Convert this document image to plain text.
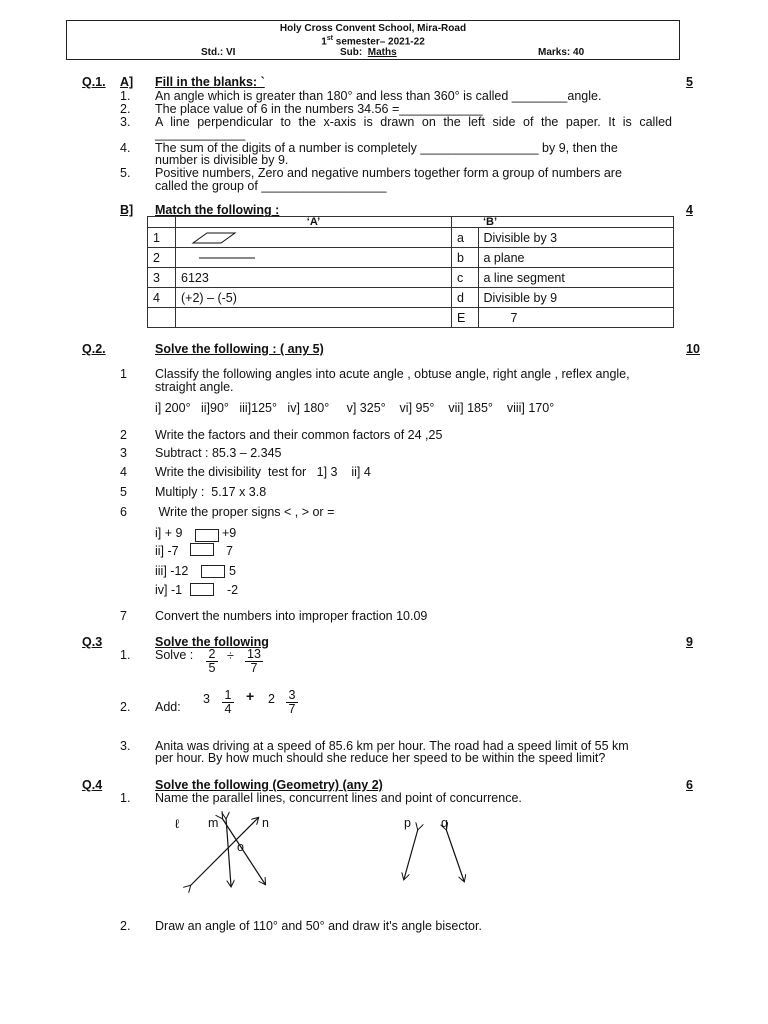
Holy Cross Convent School, Mira-Road
1st semester– 2021-22
Std.: VI	Sub: Maths	Marks: 40
Q.1. A] Fill in the blanks: `	5
1. An angle which is greater than 180° and less than 360° is called ________angle.
2. The place value of 6 in the numbers 34.56 =____________
3. A line perpendicular to the x-axis is drawn on the left side of the paper. It is called
_____________
4. The sum of the digits of a number is completely _________________ by 9, then the
number is divisible by 9.
5. Positive numbers, Zero and negative numbers together form a group of numbers are
called the group of __________________
B] Match the following :	4
	‘A’		‘B’
1		a	Divisible by 3
2		b	a plane
3	6123	c	a line segment
4	(+2) – (-5)	d	Divisible by 9
		E	7
Q.2.	Solve the following : ( any 5)	10
1 Classify the following angles into acute angle , obtuse angle, right angle , reflex angle,
straight angle.
i] 200°   ii]90°   iii]125°   iv] 180°     v] 325°    vi] 95°    vii] 185°    viii] 170°
2 Write the factors and their common factors of 24 ,25
3 Subtract : 85.3 – 2.345
4 Write the divisibility  test for   1] 3    ii] 4
5 Multiply :  5.17 x 3.8
6 Write the proper signs < , > or =
i] + 9	+9
ii] -7	7
iii] -12	5
iv] -1	-2
7 Convert the numbers into improper fraction 10.09
Q.3	Solve the following	9
1. Solve : 2
5
÷ 13
7
2. Add:
3 1
4
+ 2 3
7
3. Anita was driving at a speed of 85.6 km per hour. The road had a speed limit of 55 km
per hour. By how much should she reduce her speed to be within the speed limit?
Q.4	Solve the following (Geometry) (any 2)	6
1. Name the parallel lines, concurrent lines and point of concurrence.
ℓ m	n
o
p q
2. Draw an angle of 110° and 50° and draw it's angle bisector.
